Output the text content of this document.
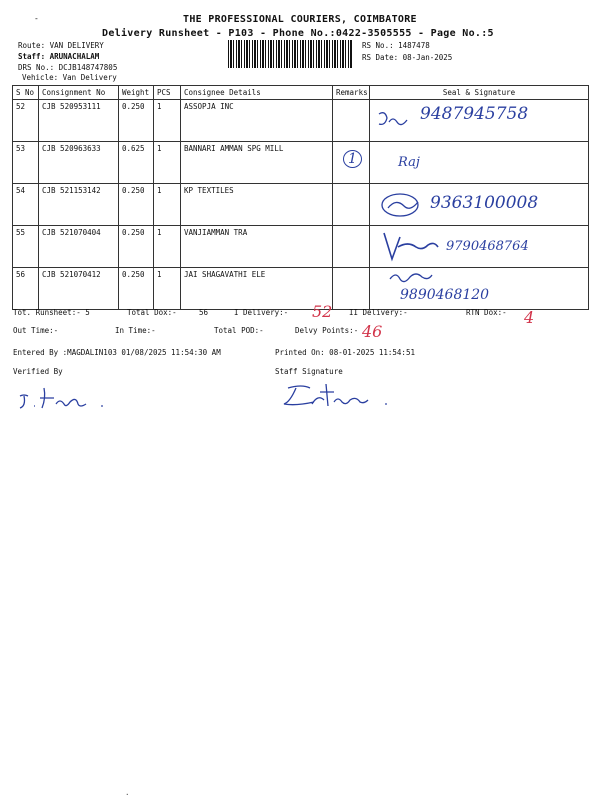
-	THE PROFESSIONAL COURIERS, COIMBATORE
Delivery Runsheet - P103 - Phone No.:0422-3505555 - Page No.:5
Route: VAN DELIVERY
Staff: ARUNACHALAM
DRS No.: DCJB148747805
Vehicle: Van Delivery
RS No.: 1487478
RS Date: 08-Jan-2025
S No	Consignment No	Weight	PCS	Consignee Details	Remarks	Seal & Signature
52	CJB 520953111	0.250	1	ASSOPJA INC		9487945758

53	CJB 520963633	0.625	1	BANNARI AMMAN SPG MILL	1	Raj

54	CJB 521153142	0.250	1	KP TEXTILES		9363100008

55	CJB 521070404	0.250	1	VANJIAMMAN TRA		9790468764

56	CJB 521070412	0.250	1	JAI SHAGAVATHI ELE		9890468120
Tot. Runsheet:- 5	Total Dox:-	56	I Delivery:- 52 II Delivery:-	RTN Dox:- 4
Out Time:-	In Time:-	Total POD:-	Delvy Points:- 46
Entered By :MAGDALIN103 01/08/2025 11:54:30 AM	Printed On: 08-01-2025 11:54:51
Verified By	Staff Signature
·
